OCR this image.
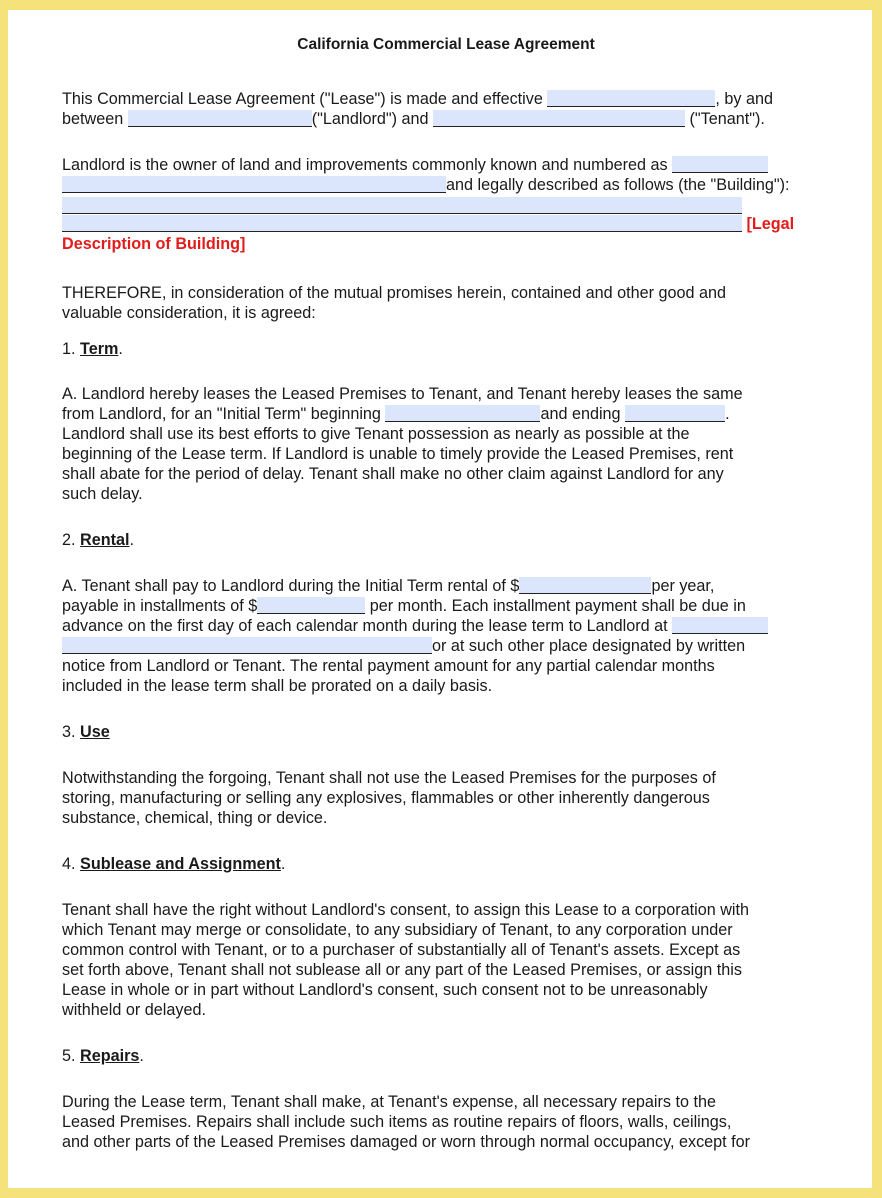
California Commercial Lease Agreement
This Commercial Lease Agreement ("Lease") is made and effective	, by and
between	("Landlord") and	("Tenant").
Landlord is the owner of land and improvements commonly known and numbered as
and legally described as follows (the "Building"):
[Legal
Description of Building]
THEREFORE, in consideration of the mutual promises herein, contained and other good and
valuable consideration, it is agreed:
1. Term.
A. Landlord hereby leases the Leased Premises to Tenant, and Tenant hereby leases the same
from Landlord, for an "Initial Term" beginning	and ending	.
Landlord shall use its best efforts to give Tenant possession as nearly as possible at the
beginning of the Lease term. If Landlord is unable to timely provide the Leased Premises, rent
shall abate for the period of delay. Tenant shall make no other claim against Landlord for any
such delay.
2. Rental.
A. Tenant shall pay to Landlord during the Initial Term rental of $	per year,
payable in installments of $	per month. Each installment payment shall be due in
advance on the first day of each calendar month during the lease term to Landlord at
or at such other place designated by written
notice from Landlord or Tenant. The rental payment amount for any partial calendar months
included in the lease term shall be prorated on a daily basis.
3. Use
Notwithstanding the forgoing, Tenant shall not use the Leased Premises for the purposes of
storing, manufacturing or selling any explosives, flammables or other inherently dangerous
substance, chemical, thing or device.
4. Sublease and Assignment.
Tenant shall have the right without Landlord's consent, to assign this Lease to a corporation with
which Tenant may merge or consolidate, to any subsidiary of Tenant, to any corporation under
common control with Tenant, or to a purchaser of substantially all of Tenant's assets. Except as
set forth above, Tenant shall not sublease all or any part of the Leased Premises, or assign this
Lease in whole or in part without Landlord's consent, such consent not to be unreasonably
withheld or delayed.
5. Repairs.
During the Lease term, Tenant shall make, at Tenant's expense, all necessary repairs to the
Leased Premises. Repairs shall include such items as routine repairs of floors, walls, ceilings,
and other parts of the Leased Premises damaged or worn through normal occupancy, except for
